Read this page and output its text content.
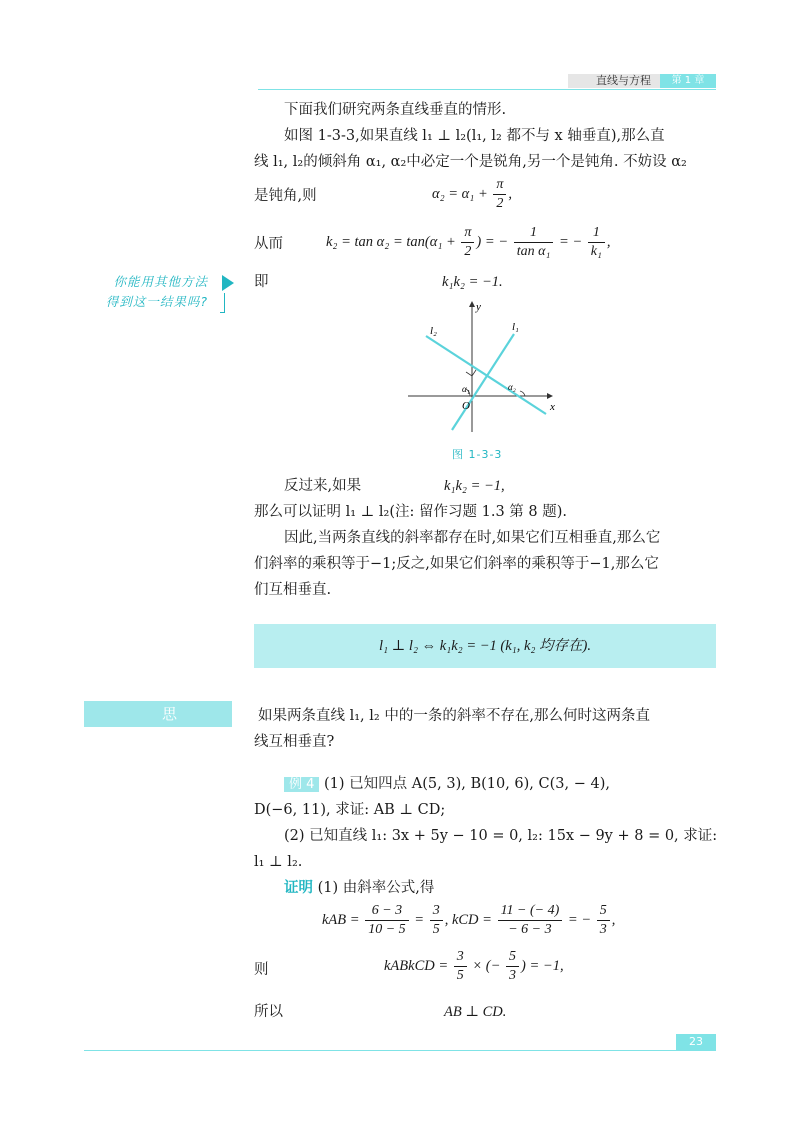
直线与方程	第 1 章
你能用其他方法
得到这一结果吗?
下面我们研究两条直线垂直的情形.
如图 1-3-3,如果直线 l₁ ⊥ l₂(l₁, l₂ 都不与 x 轴垂直),那么直
线 l₁, l₂的倾斜角 α₁, α₂中必定一个是锐角,另一个是钝角. 不妨设 α₂
是钝角,则	$\alpha_2 = \alpha_1 + \frac{\pi}{2}$ ,
从而	$k_2 = \tan \alpha_2 = \tan(\alpha_1 + \frac{\pi}{2}$ ) = − $\frac{1}{\text{tan α₁}}$ = − $\frac{1}{\text{k₁}}$ ,
即	k₁k₂ = −1.
y
x
O
l₁
l₂
α₁	α₂
图 1-3-3
反过来,如果	k₁k₂ = −1,
那么可以证明 l₁ ⊥ l₂(注: 留作习题 1.3 第 8 题).
因此,当两条直线的斜率都存在时,如果它们互相垂直,那么它
们斜率的乘积等于−1;反之,如果它们斜率的乘积等于−1,那么它
们互相垂直.
l₁ ⊥ l₂ ⇔ k₁k₂ = −1 (k₁, k₂ 均存在).
思考
如果两条直线 l₁, l₂ 中的一条的斜率不存在,那么何时这两条直
线互相垂直?
例 4 (1) 已知四点 A(5, 3), B(10, 6), C(3, − 4),
D(−6, 11), 求证: AB ⊥ CD;
(2) 已知直线 l₁: 3x + 5y − 10 = 0, l₂: 15x − 9y + 8 = 0, 求证:
l₁ ⊥ l₂.
证明 (1) 由斜率公式,得
kAB = $\frac{6 - 3}{10 - 5} = \frac{3}{5}$ , kCD = $\frac{11 - (- 4)}{- 6 - 3}$ = − $\frac{5}{3}$ ,
则	kABkCD = $\frac{3}{5}$ × (− $\frac{5}{3}$ ) = −1,
所以	AB ⊥ CD.
23
